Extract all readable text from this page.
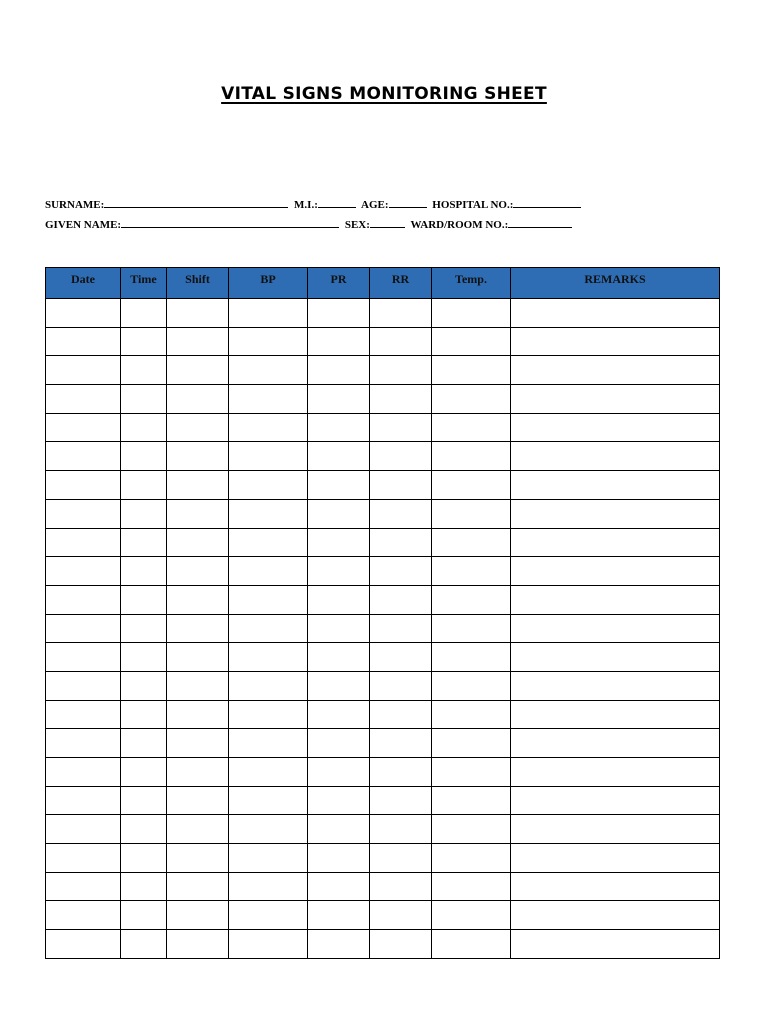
VITAL SIGNS MONITORING SHEET
SURNAME:	M.I.:	AGE:	HOSPITAL NO.:
GIVEN NAME:	SEX:	WARD/ROOM NO.:
Date	Time	Shift	BP	PR	RR	Temp.	REMARKS
